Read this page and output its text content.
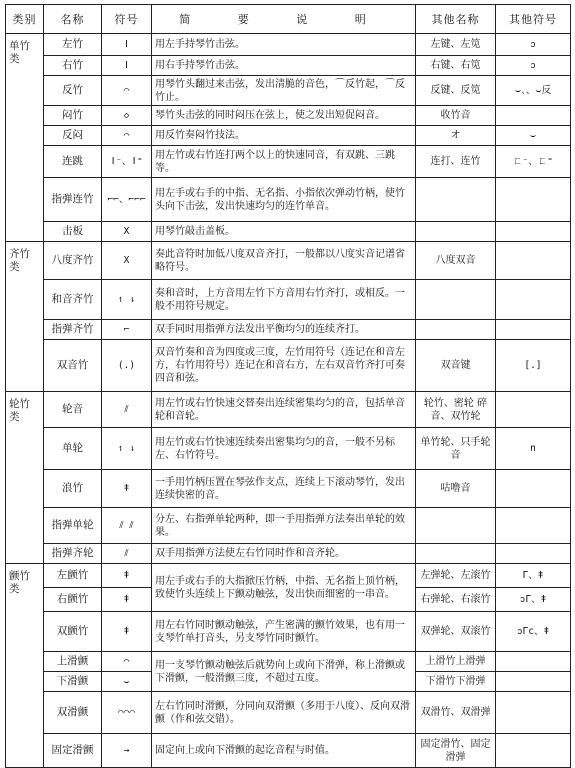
类别	名称	符号	简 要 说 明	其他名称	其他符号
单竹类	左竹	ǀ	用左手持琴竹击弦。	左键、左笕	ↄ
	右竹	ǀ	用右手持琴竹击弦。	右键、右笕	ↄ
	反竹	⌒	用琴竹头翻过来击弦，发出清脆的音色，⌒反竹起，⌒反竹止。	反键、反笕	⌣、、⌣反
	闷竹	◇	琴竹头击弦的同时闷压在弦上，使之发出短促闷音。	收竹音	
	反闷	⌒	用反竹奏闷竹技法。	オ	⌣
	连跳	ǀ⁻、ǀ⁼	用左竹或右竹连打两个以上的快速同音，有双跳、三跳等。	连打、连竹	ㄈ⁻、ㄈ⁼
	指弹连竹	⌐⌐、⌐⌐⌐	用左手或右手的中指、无名指、小指依次弹动竹柄，使竹头向下击弦，发出快速均匀的连竹单音。		
	击板	X	用琴竹敲击盖板。		
齐竹类	八度齐竹	X	奏此音符时加低八度双音齐打，一般都以八度实音记谱省略符号。	八度双音	
	和音齐竹	↿ ⇂	奏和音时，上方音用左竹下方音用右竹齐打，或相反。一般不用符号规定。		
	指弹齐竹	⌐	双手同时用指弹方法发出平衡均匀的连续齐打。		
	双音竹	(.)	双音竹奏和音为四度或三度，左竹用符号（连记在和音左方，右竹用符号）连记在和音右方，左右双音竹齐打可奏四音和弦。	双音键	[.]
轮竹类	轮音	⫽	用左竹或右竹快速交替奏出连续密集均匀的音，包括单音轮和音轮。	轮竹、密轮 碎音、双竹轮	
	单轮	↿ ⇂	用左竹或右竹快速连续奏出密集均匀的音，一般不另标左、右竹符号。	单竹轮、只手轮音	n
	浪竹	ǂ	一手用竹柄压置在琴弦作支点，连续上下滚动琴竹，发出连续快密的音。	咕噜音	
	指弹单轮	⫽ ⫽	分左、右指弹单轮两种，即一手用指弹方法奏出单轮的效果。		
	指弹齐轮	⫽	双手用指弹方法使左右竹同时作和音齐轮。		
颤竹类	左颤竹	ǂ	用左手或右手的大指掀压竹柄，中指、无名指上顶竹柄，致使竹头连续上下颤动触弦，发出快而细密的一串音。	左弹轮、左滚竹	Γ、ǂ
	右颤竹	ǂ		右弹轮、右滚竹	ↄΓ、ǂ
	双颤竹	ǂ	用左右竹同时颤动触弦，产生密满的颤竹效果，也有用一支琴竹单打音头，另支琴竹同时颤竹。	双弹轮、双滚竹	ↄΓc、ǂ
	上滑颤	⌒	用一支琴竹颤动触弦后就势向上或向下滑弹，称上滑颤或下滑颤，一般滑颤三度，不超过五度。	上滑竹上滑弹	
	下滑颤	⌣		下滑竹下滑弹	
	双滑颤	⌒⌒⌒	左右竹同时滑颤，分同向双滑颤（多用于八度）、反向双滑颤（作和弦交错）。	双滑竹、双滑弹	
	固定滑颤	→	固定向上或向下滑颤的起讫音程与时值。	固定滑竹、固定滑弹	
